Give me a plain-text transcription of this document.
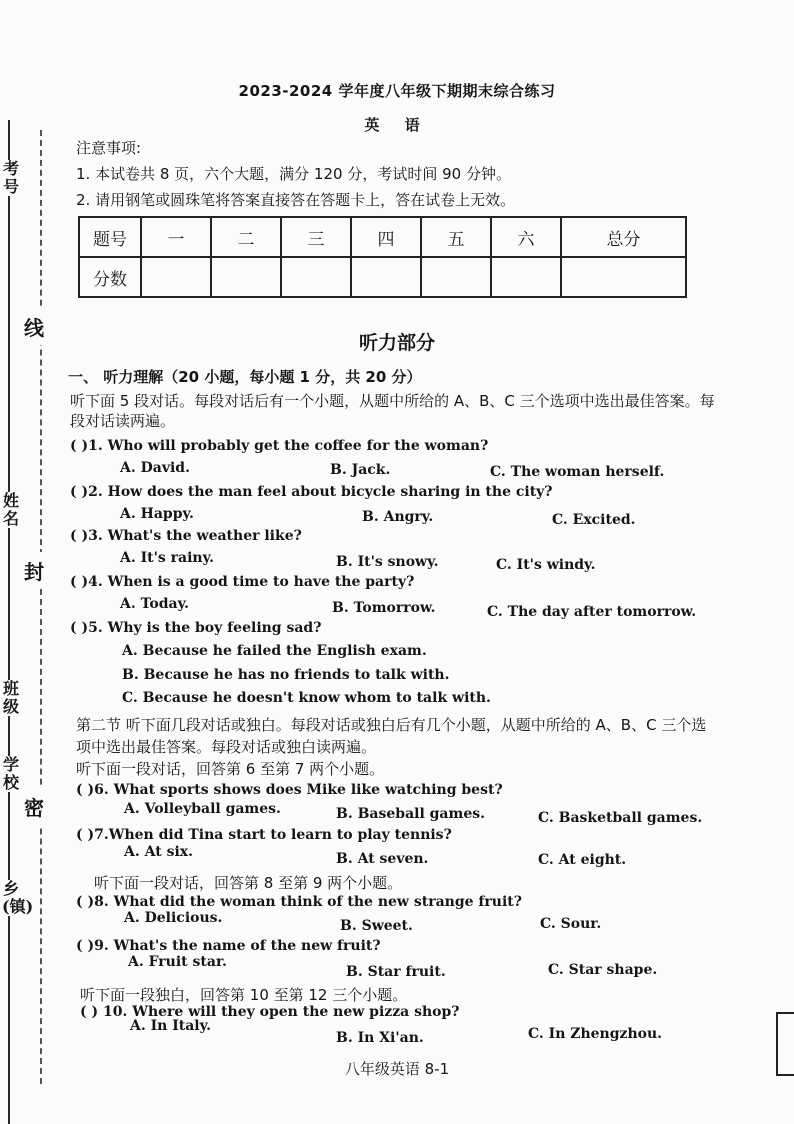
线
封
密
考号
姓名
班级
学校
乡(镇)
2023-2024 学年度八年级下期期末综合练习
英 语
注意事项:
1. 本试卷共 8 页，六个大题，满分 120 分，考试时间 90 分钟。
2. 请用钢笔或圆珠笔将答案直接答在答题卡上，答在试卷上无效。
题号	一	二	三	四	五	六	总分
分数							
听力部分
一、 听力理解（20 小题，每小题 1 分，共 20 分）
听下面 5 段对话。每段对话后有一个小题，从题中所给的 A、B、C 三个选项中选出最佳答案。每
段对话读两遍。
( )1. Who will probably get the coffee for the woman?
A. David.	B. Jack.	C. The woman herself.
( )2. How does the man feel about bicycle sharing in the city?
A. Happy.	B. Angry.	C. Excited.
( )3. What's the weather like?
A. It's rainy.	B. It's snowy.	C. It's windy.
( )4. When is a good time to have the party?
A. Today.	B. Tomorrow.	C. The day after tomorrow.
( )5. Why is the boy feeling sad?
A. Because he failed the English exam.
B. Because he has no friends to talk with.
C. Because he doesn't know whom to talk with.
第二节 听下面几段对话或独白。每段对话或独白后有几个小题，从题中所给的 A、B、C 三个选
项中选出最佳答案。每段对话或独白读两遍。
听下面一段对话，回答第 6 至第 7 两个小题。
( )6. What sports shows does Mike like watching best?
A. Volleyball games.	B. Baseball games.	C. Basketball games.
( )7.When did Tina start to learn to play tennis?
A. At six.	B. At seven.	C. At eight.
听下面一段对话，回答第 8 至第 9 两个小题。
( )8. What did the woman think of the new strange fruit?
A. Delicious.	B. Sweet.	C. Sour.
( )9. What's the name of the new fruit?
A. Fruit star.
B. Star fruit.	C. Star shape.
听下面一段独白，回答第 10 至第 12 三个小题。
( ) 10. Where will they open the new pizza shop?
A. In Italy.
B. In Xi'an.	C. In Zhengzhou.
八年级英语 8-1
